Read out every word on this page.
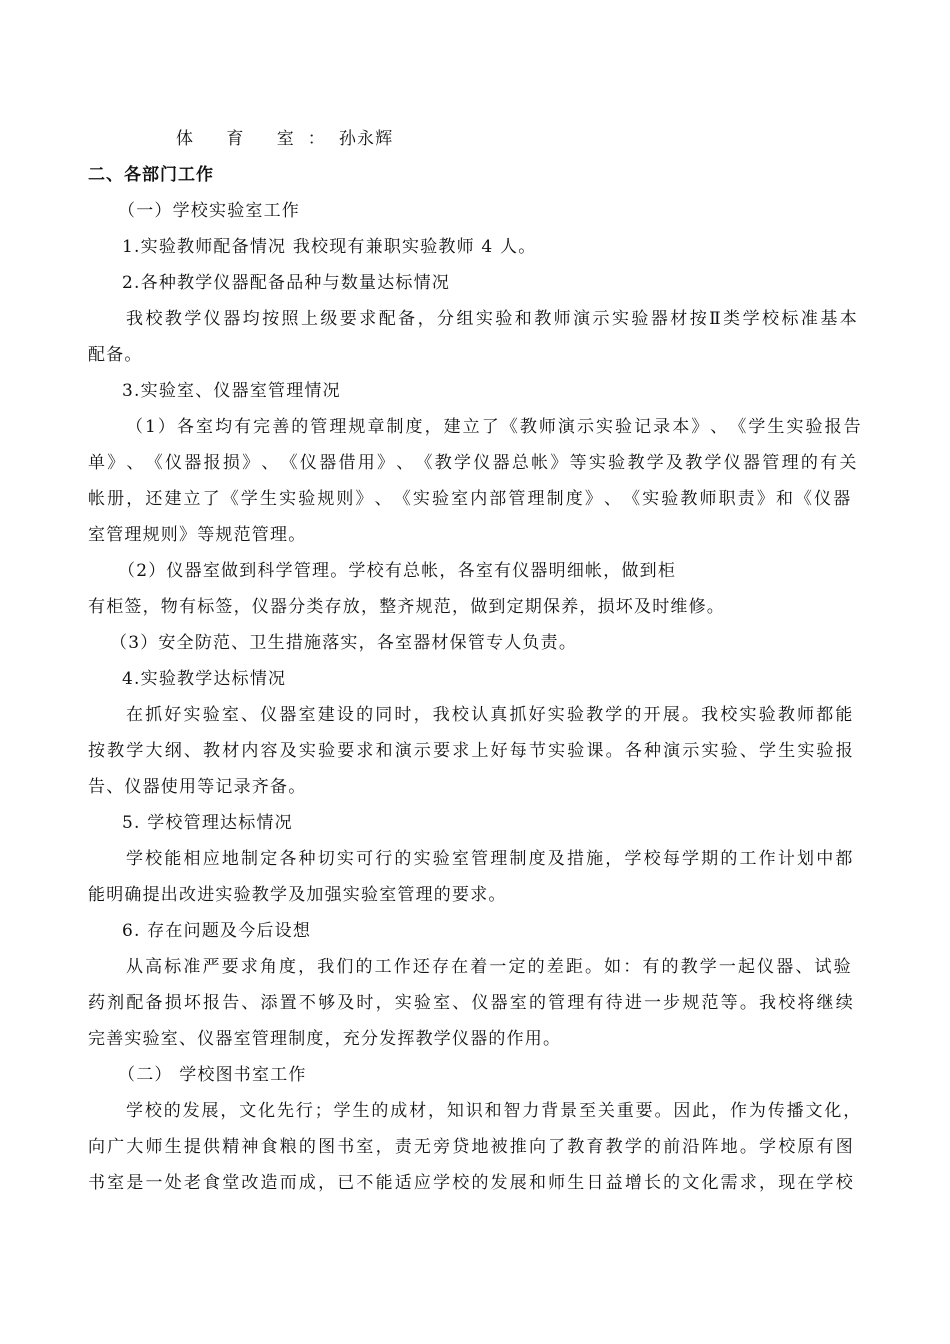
体 育 室：孙永辉
二、各部门工作
（一）学校实验室工作
1.实验教师配备情况 我校现有兼职实验教师 4 人。
2.各种教学仪器配备品种与数量达标情况
我 校 教 学 仪 器 均 按 照 上 级 要 求 配 备 ， 分 组 实 验 和 教 师 演 示 实 验 器 材 按 Ⅱ 类 学 校 标 准 基 本
配备。
3.实验室、仪器室管理情况
（ 1 ） 各 室 均 有 完 善 的 管 理 规 章 制 度 ， 建 立 了 《 教 师 演 示 实 验 记 录 本 》 、 《 学 生 实 验 报 告
单 》 、 《 仪 器 报 损 》 、 《 仪 器 借 用 》 、 《 教 学 仪 器 总 帐 》 等 实 验 教 学 及 教 学 仪 器 管 理 的 有 关
帐 册 ， 还 建 立 了 《 学 生 实 验 规 则 》 、 《 实 验 室 内 部 管 理 制 度 》 、 《 实 验 教 师 职 责 》 和 《 仪 器
室管理规则》等规范管理。
（2）仪器室做到科学管理。学校有总帐，各室有仪器明细帐，做到柜
有柜签，物有标签，仪器分类存放，整齐规范，做到定期保养，损坏及时维修。
（3）安全防范、卫生措施落实，各室器材保管专人负责。
4.实验教学达标情况
在 抓 好 实 验 室 、 仪 器 室 建 设 的 同 时 ， 我 校 认 真 抓 好 实 验 教 学 的 开 展 。 我 校 实 验 教 师 都 能
按 教 学 大 纲 、 教 材 内 容 及 实 验 要 求 和 演 示 要 求 上 好 每 节 实 验 课 。 各 种 演 示 实 验 、 学 生 实 验 报
告、仪器使用等记录齐备。
5. 学校管理达标情况
学 校 能 相 应 地 制 定 各 种 切 实 可 行 的 实 验 室 管 理 制 度 及 措 施 ， 学 校 每 学 期 的 工 作 计 划 中 都
能明确提出改进实验教学及加强实验室管理的要求。
6. 存在问题及今后设想
从 高 标 准 严 要 求 角 度 ， 我 们 的 工 作 还 存 在 着 一 定 的 差 距 。 如 ： 有 的 教 学 一 起 仪 器 、 试 验
药 剂 配 备 损 坏 报 告 、 添 置 不 够 及 时 ， 实 验 室 、 仪 器 室 的 管 理 有 待 进 一 步 规 范 等 。 我 校 将 继 续
完善实验室、仪器室管理制度，充分发挥教学仪器的作用。
（二） 学校图书室工作
学 校 的 发 展 ， 文 化 先 行 ； 学 生 的 成 材 ， 知 识 和 智 力 背 景 至 关 重 要 。 因 此 ， 作 为 传 播 文 化 ，
向 广 大 师 生 提 供 精 神 食 粮 的 图 书 室 ， 责 无 旁 贷 地 被 推 向 了 教 育 教 学 的 前 沿 阵 地 。 学 校 原 有 图
书 室 是 一 处 老 食 堂 改 造 而 成 ， 已 不 能 适 应 学 校 的 发 展 和 师 生 日 益 增 长 的 文 化 需 求 ， 现 在 学 校
